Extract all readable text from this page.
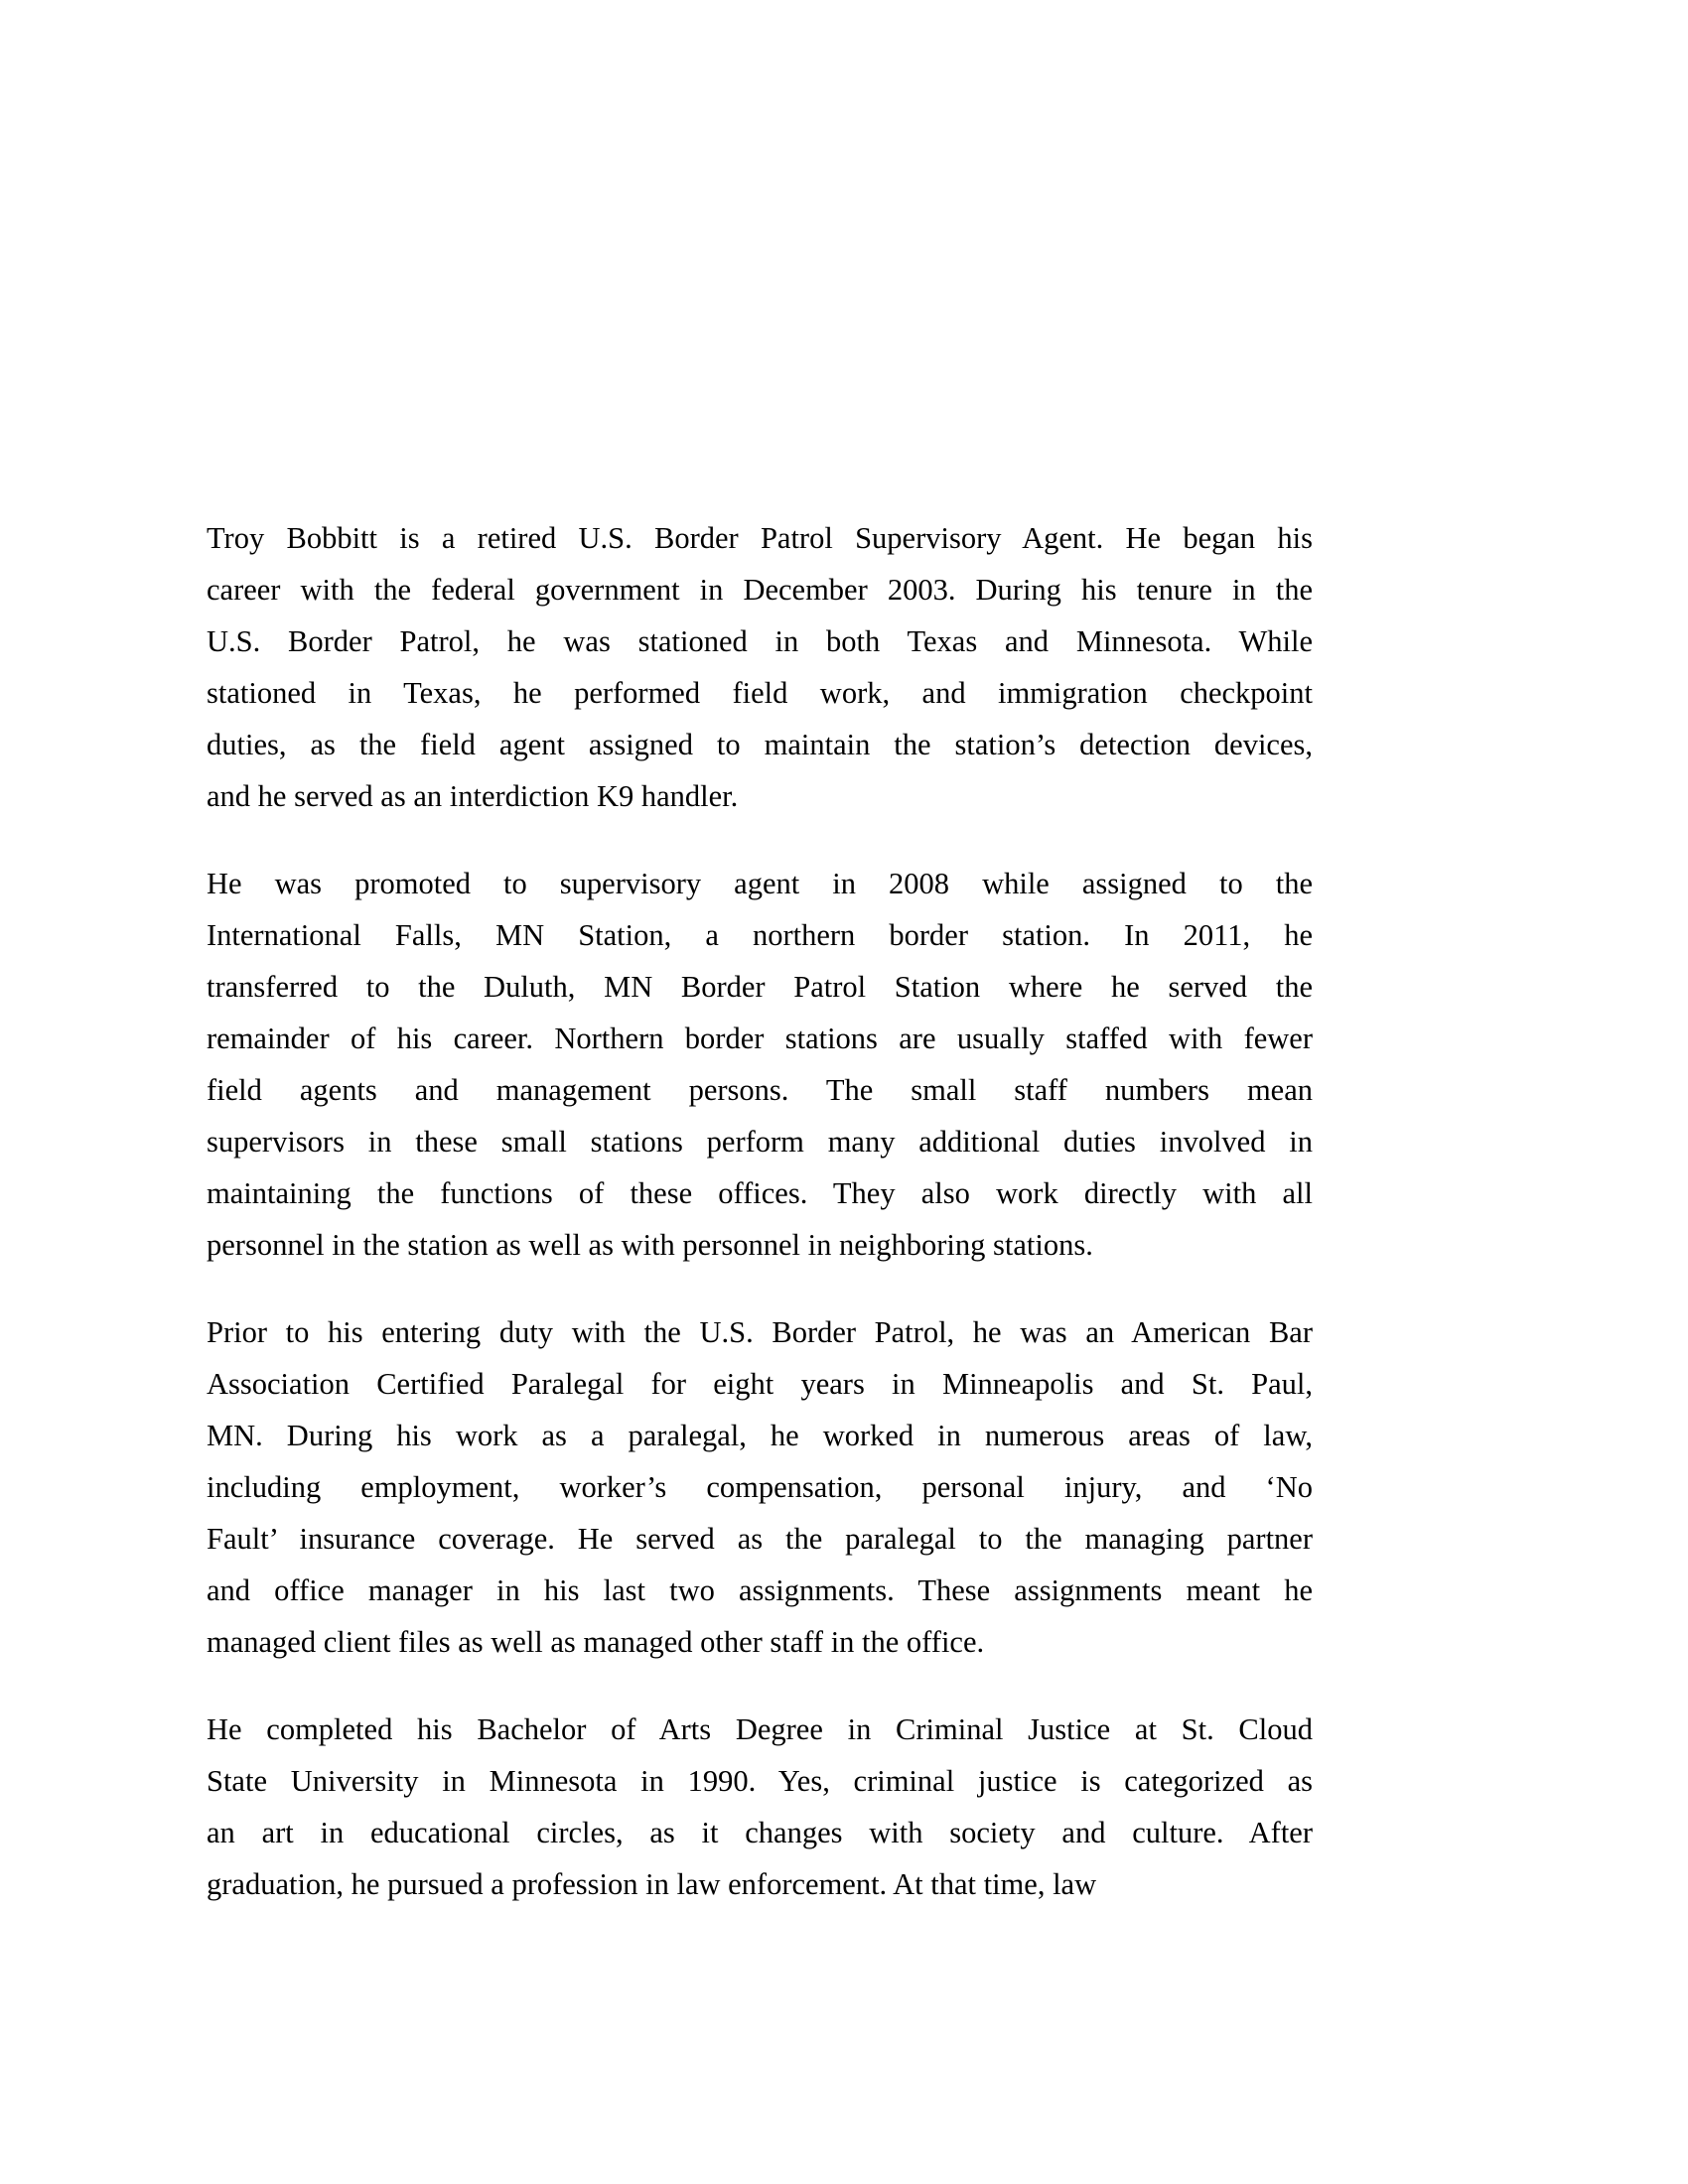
Troy Bobbitt is a retired U.S. Border Patrol Supervisory Agent. He began his
career with the federal government in December 2003. During his tenure in the
U.S. Border Patrol, he was stationed in both Texas and Minnesota. While
stationed in Texas, he performed field work, and immigration checkpoint
duties, as the field agent assigned to maintain the station’s detection devices,
and he served as an interdiction K9 handler.

He was promoted to supervisory agent in 2008 while assigned to the
International Falls, MN Station, a northern border station. In 2011, he
transferred to the Duluth, MN Border Patrol Station where he served the
remainder of his career. Northern border stations are usually staffed with fewer
field agents and management persons. The small staff numbers mean
supervisors in these small stations perform many additional duties involved in
maintaining the functions of these offices. They also work directly with all
personnel in the station as well as with personnel in neighboring stations.

Prior to his entering duty with the U.S. Border Patrol, he was an American Bar
Association Certified Paralegal for eight years in Minneapolis and St. Paul,
MN. During his work as a paralegal, he worked in numerous areas of law,
including employment, worker’s compensation, personal injury, and ‘No
Fault’ insurance coverage. He served as the paralegal to the managing partner
and office manager in his last two assignments. These assignments meant he
managed client files as well as managed other staff in the office.

He completed his Bachelor of Arts Degree in Criminal Justice at St. Cloud
State University in Minnesota in 1990. Yes, criminal justice is categorized as
an art in educational circles, as it changes with society and culture. After
graduation, he pursued a profession in law enforcement. At that time, law
